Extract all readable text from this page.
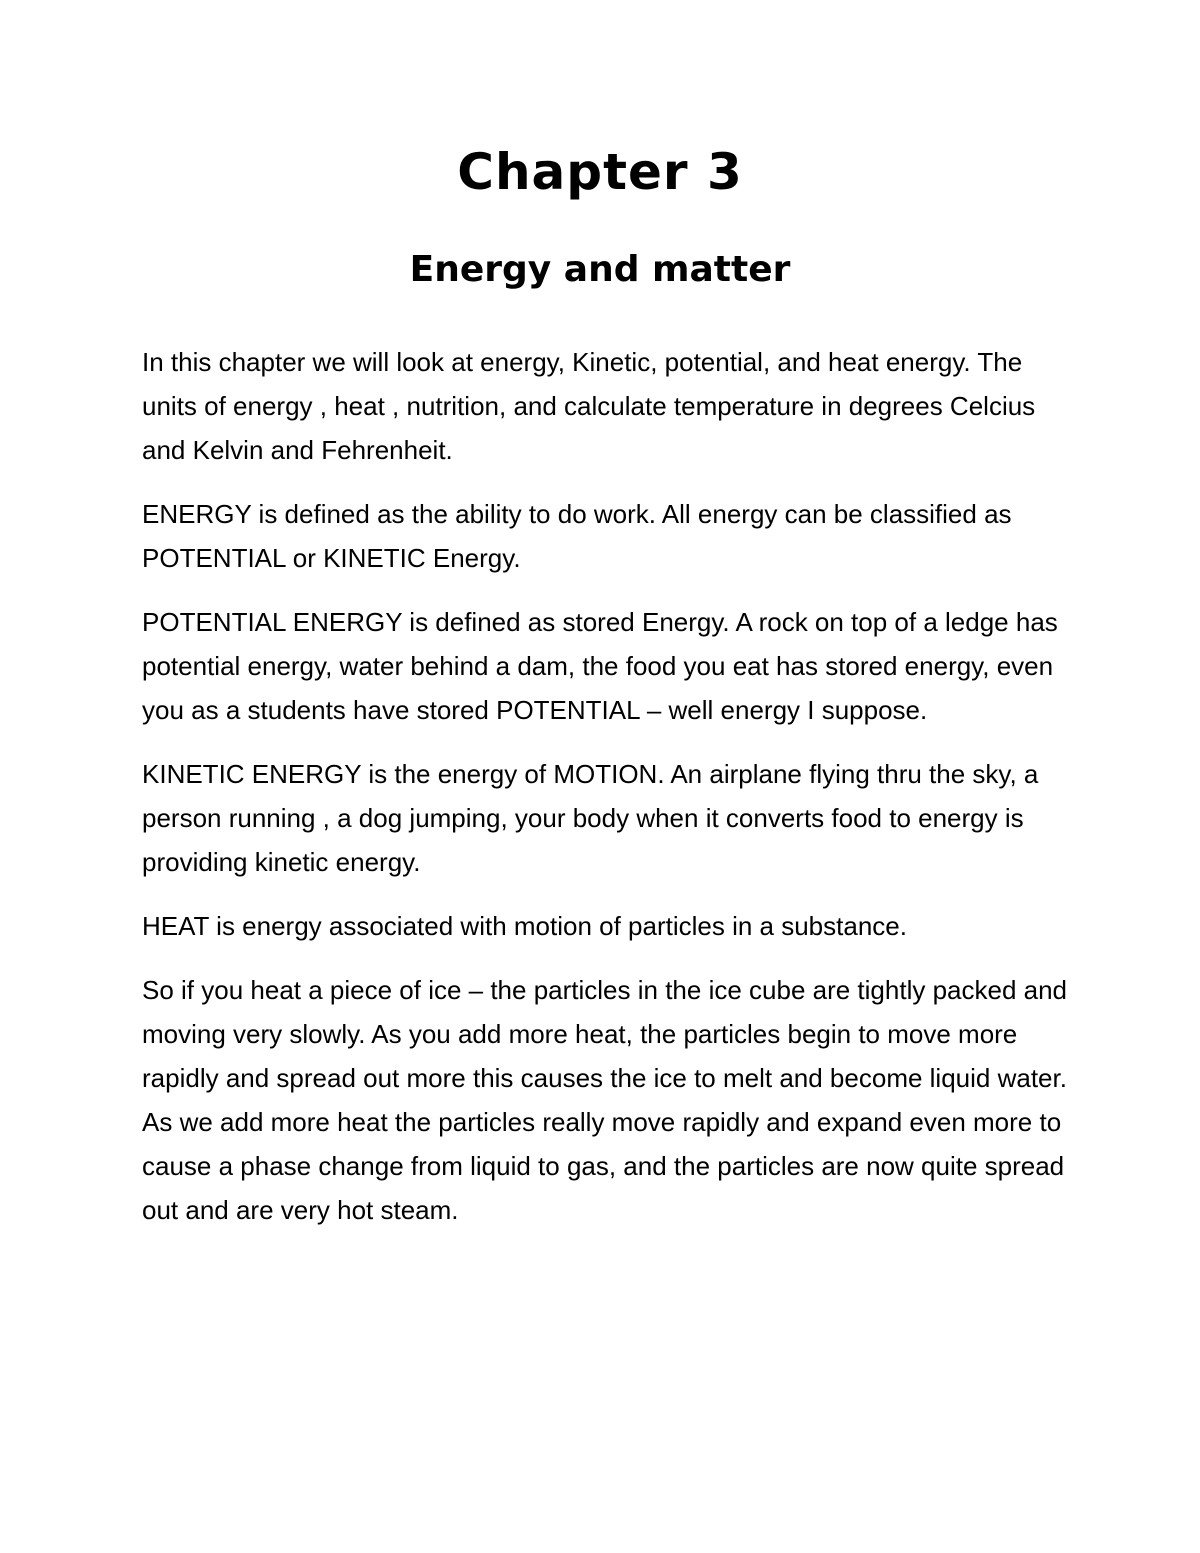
Chapter 3
Energy and matter

In this chapter we will look at energy, Kinetic, potential, and heat energy. The units of energy , heat , nutrition, and calculate temperature in degrees Celcius and Kelvin and Fehrenheit.

ENERGY is defined as the ability to do work. All energy can be classified as POTENTIAL or KINETIC Energy.

POTENTIAL ENERGY is defined as stored Energy. A rock on top of a ledge has potential energy, water behind a dam, the food you eat has stored energy, even you as a students have stored POTENTIAL – well energy I suppose.

KINETIC ENERGY is the energy of MOTION. An airplane flying thru the sky, a person running , a dog jumping, your body when it converts food to energy is providing kinetic energy.

HEAT is energy associated with motion of particles in a substance.

So if you heat a piece of ice – the particles in the ice cube are tightly packed and moving very slowly. As you add more heat, the particles begin to move more rapidly and spread out more this causes the ice to melt and become liquid water. As we add more heat the particles really move rapidly and expand even more to cause a phase change from liquid to gas, and the particles are now quite spread out and are very hot steam.
